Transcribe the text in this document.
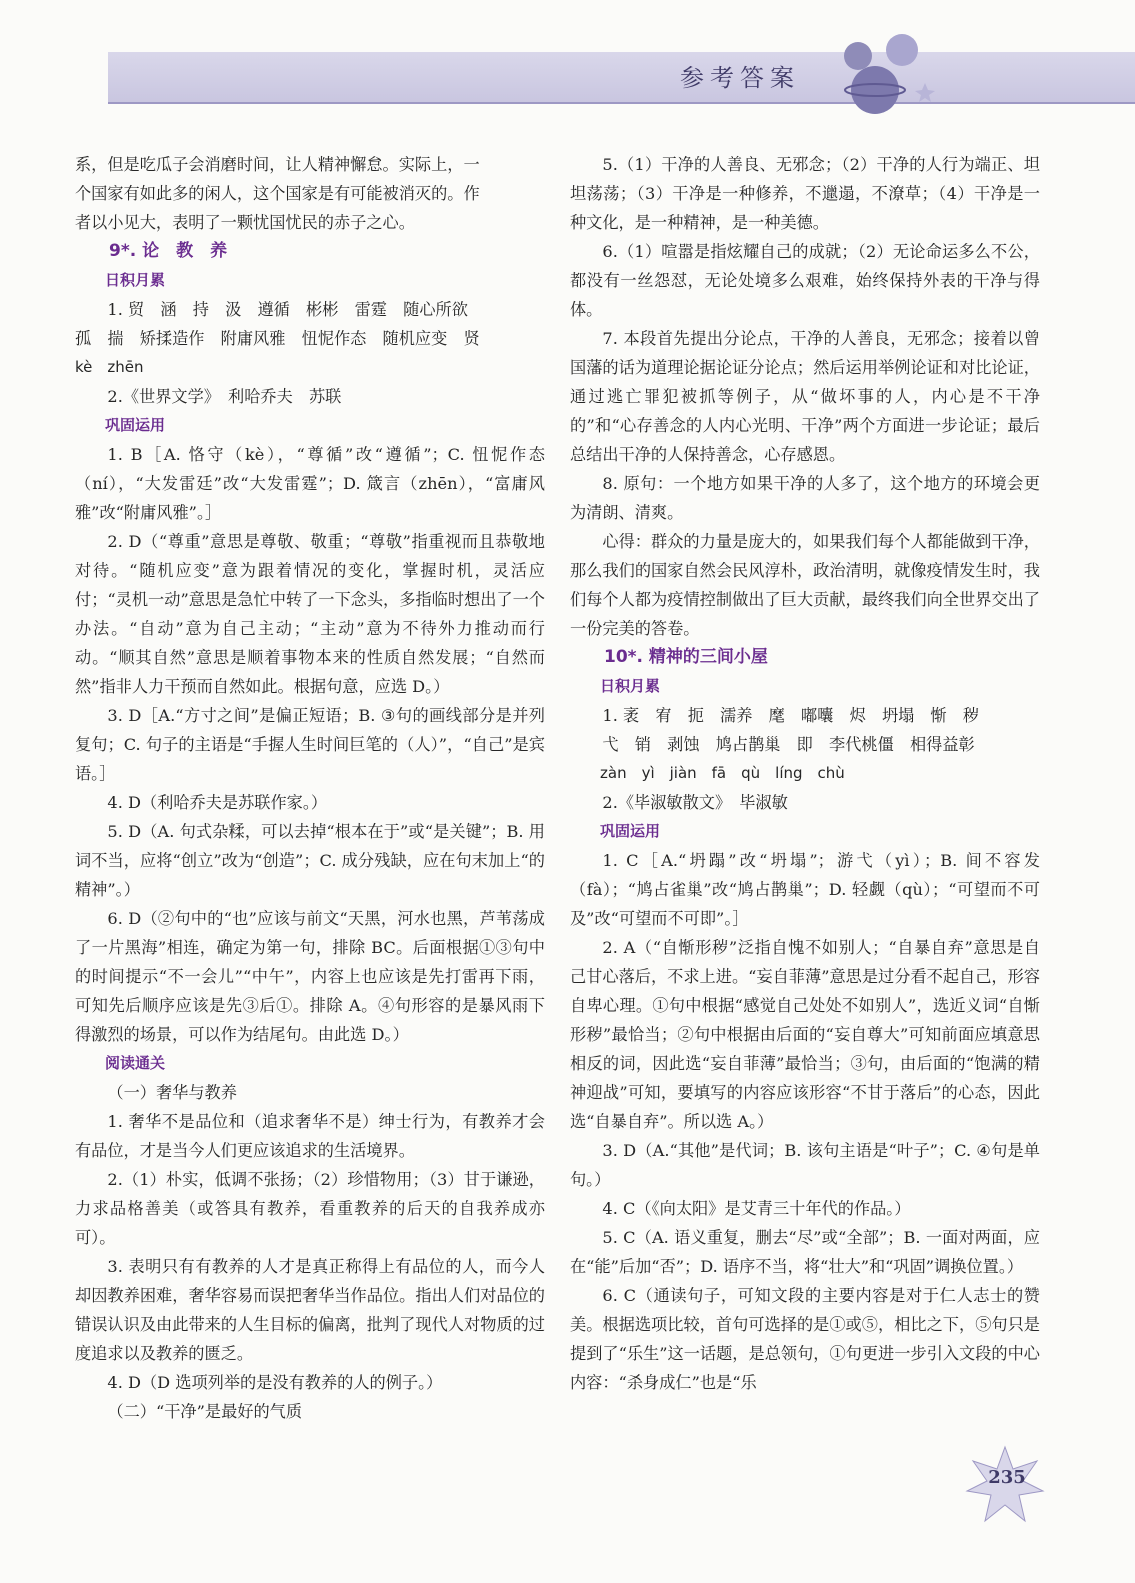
参考答案

系，但是吃瓜子会消磨时间，让人精神懈怠。实际上，一

个国家有如此多的闲人，这个国家是有可能被消灭的。作

者以小见大，表明了一颗忧国忧民的赤子之心。

9*. 论　教　养

日积月累

1. 贸　涵　持　汲　遵循　彬彬　雷霆　随心所欲

孤　揣　矫揉造作　附庸风雅　忸怩作态　随机应变　贤

kè　zhēn

2.《世界文学》　利哈乔夫　苏联

巩固运用

1. B［A. 恪守（kè），“尊循”改“遵循”；C. 忸怩作态（ní），“大发雷廷”改“大发雷霆”；D. 箴言（zhēn），“富庸风雅”改“附庸风雅”。］

2. D（“尊重”意思是尊敬、敬重；“尊敬”指重视而且恭敬地对待。“随机应变”意为跟着情况的变化，掌握时机，灵活应付；“灵机一动”意思是急忙中转了一下念头，多指临时想出了一个办法。“自动”意为自己主动；“主动”意为不待外力推动而行动。“顺其自然”意思是顺着事物本来的性质自然发展；“自然而然”指非人力干预而自然如此。根据句意，应选 D。）

3. D［A.“方寸之间”是偏正短语；B. ③句的画线部分是并列复句；C. 句子的主语是“手握人生时间巨笔的（人）”，“自己”是宾语。］

4. D（利哈乔夫是苏联作家。）

5. D（A. 句式杂糅，可以去掉“根本在于”或“是关键”；B. 用词不当，应将“创立”改为“创造”；C. 成分残缺，应在句末加上“的精神”。）

6. D（②句中的“也”应该与前文“天黑，河水也黑，芦苇荡成了一片黑海”相连，确定为第一句，排除 BC。后面根据①③句中的时间提示“不一会儿”“中午”，内容上也应该是先打雷再下雨，可知先后顺序应该是先③后①。排除 A。④句形容的是暴风雨下得激烈的场景，可以作为结尾句。由此选 D。）

阅读通关

（一）奢华与教养

1. 奢华不是品位和（追求奢华不是）绅士行为，有教养才会有品位，才是当今人们更应该追求的生活境界。

2.（1）朴实，低调不张扬；（2）珍惜物用；（3）甘于谦逊，力求品格善美（或答具有教养，看重教养的后天的自我养成亦可）。

3. 表明只有有教养的人才是真正称得上有品位的人，而今人却因教养困难，奢华容易而误把奢华当作品位。指出人们对品位的错误认识及由此带来的人生目标的偏离，批判了现代人对物质的过度追求以及教养的匮乏。

4. D（D 选项列举的是没有教养的人的例子。）

（二）“干净”是最好的气质

5.（1）干净的人善良、无邪念；（2）干净的人行为端正、坦坦荡荡；（3）干净是一种修养，不邋遢，不潦草；（4）干净是一种文化，是一种精神，是一种美德。

6.（1）喧嚣是指炫耀自己的成就；（2）无论命运多么不公，都没有一丝怨怼，无论处境多么艰难，始终保持外表的干净与得体。

7. 本段首先提出分论点，干净的人善良，无邪念；接着以曾国藩的话为道理论据论证分论点；然后运用举例论证和对比论证，通过逃亡罪犯被抓等例子，从“做坏事的人，内心是不干净的”和“心存善念的人内心光明、干净”两个方面进一步论证；最后总结出干净的人保持善念，心存感恩。

8. 原句：一个地方如果干净的人多了，这个地方的环境会更为清朗、清爽。

心得：群众的力量是庞大的，如果我们每个人都能做到干净，那么我们的国家自然会民风淳朴，政治清明，就像疫情发生时，我们每个人都为疫情控制做出了巨大贡献，最终我们向全世界交出了一份完美的答卷。

10*. 精神的三间小屋

日积月累

1. 袤　宥　扼　濡养　麾　嘟囔　烬　坍塌　惭　秽

弋　销　剥蚀　鸠占鹊巢　即　李代桃僵　相得益彰

zàn　yì　jiàn　fā　qù　líng　chù

2.《毕淑敏散文》　毕淑敏

巩固运用

1. C［A.“坍蹋”改“坍塌”；游弋（yì）；B. 间不容发（fà）；“鸠占雀巢”改“鸠占鹊巢”；D. 轻觑（qù）；“可望而不可及”改“可望而不可即”。］

2. A（“自惭形秽”泛指自愧不如别人；“自暴自弃”意思是自己甘心落后，不求上进。“妄自菲薄”意思是过分看不起自己，形容自卑心理。①句中根据“感觉自己处处不如别人”，选近义词“自惭形秽”最恰当；②句中根据由后面的“妄自尊大”可知前面应填意思相反的词，因此选“妄自菲薄”最恰当；③句，由后面的“饱满的精神迎战”可知，要填写的内容应该形容“不甘于落后”的心态，因此选“自暴自弃”。所以选 A。）

3. D（A.“其他”是代词；B. 该句主语是“叶子”；C. ④句是单句。）

4. C（《向太阳》是艾青三十年代的作品。）

5. C（A. 语义重复，删去“尽”或“全部”；B. 一面对两面，应在“能”后加“否”；D. 语序不当，将“壮大”和“巩固”调换位置。）

6. C（通读句子，可知文段的主要内容是对于仁人志士的赞美。根据选项比较，首句可选择的是①或⑤，相比之下，⑤句只是提到了“乐生”这一话题，是总领句，①句更进一步引入文段的中心内容：“杀身成仁”也是“乐

235
